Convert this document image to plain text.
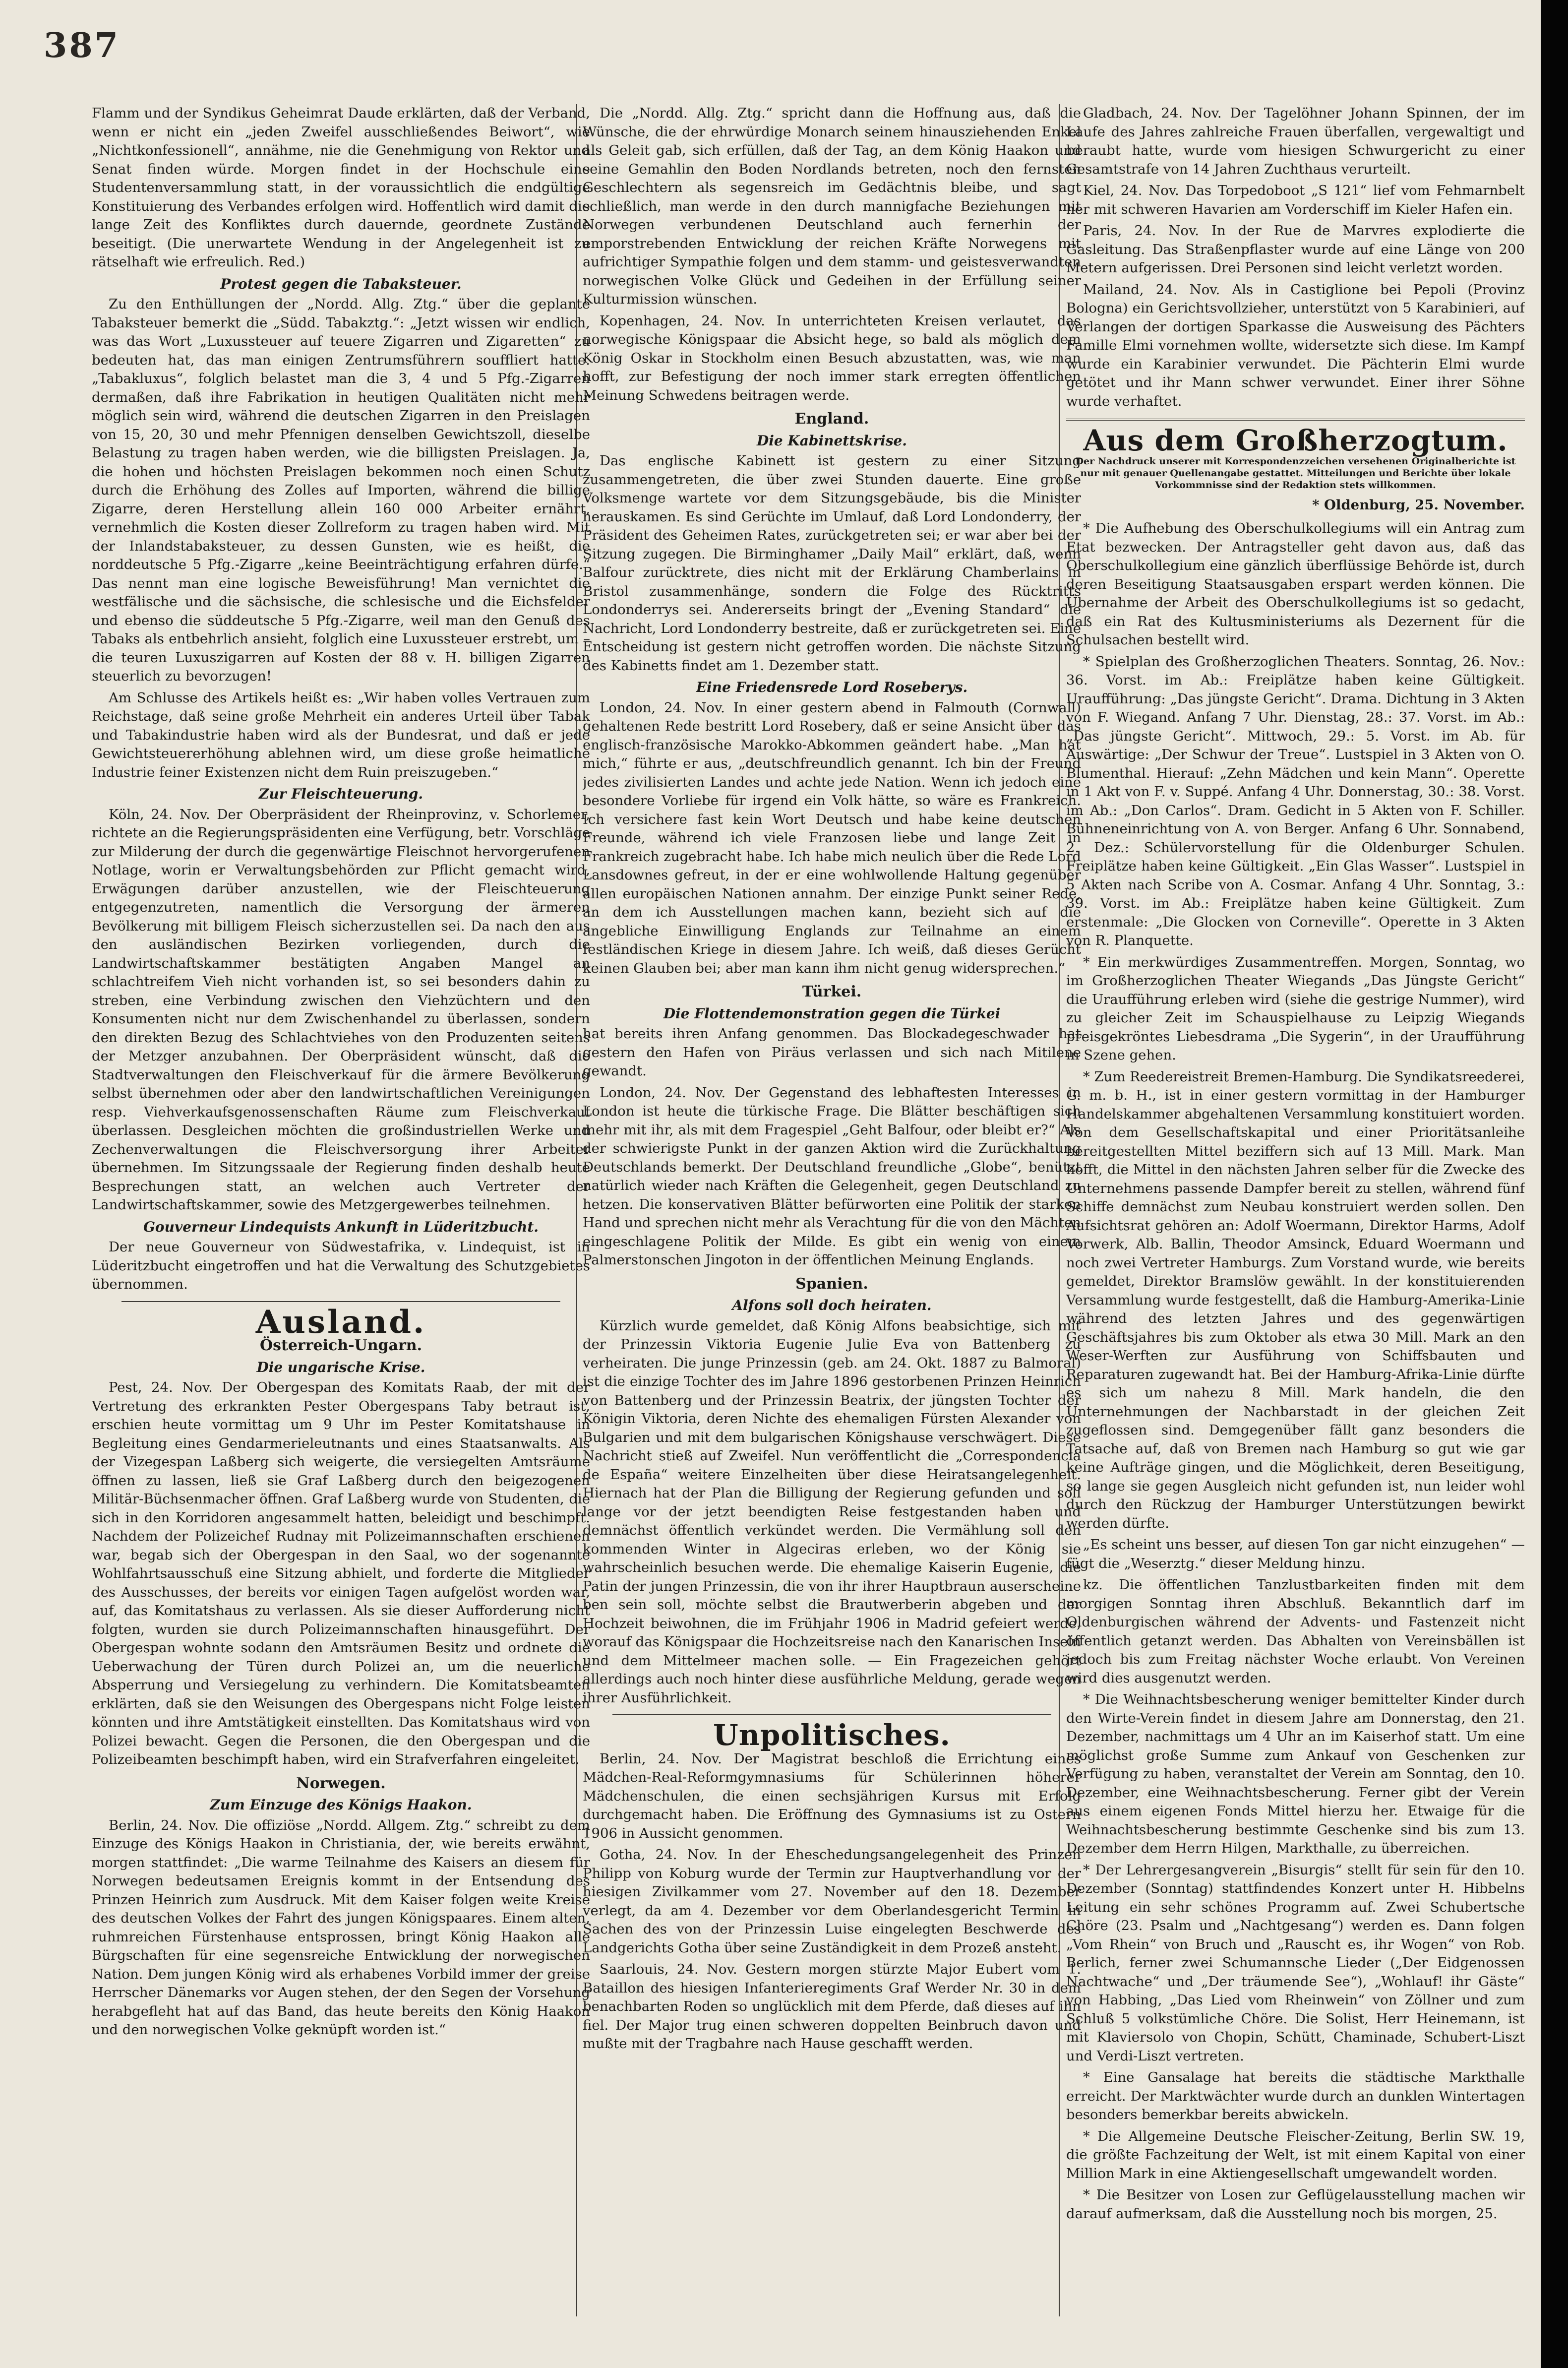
387

Flamm und der Syndikus Geheimrat Daude erklärten, daß der Verband, wenn er nicht ein „jeden Zweifel ausschließendes Beiwort“, wie „Nichtkonfessionell“, annähme, nie die Genehmigung von Rektor und Senat finden würde. Morgen findet in der Hochschule eine Studentenversammlung statt, in der voraussichtlich die endgültige Konstituierung des Verbandes erfolgen wird. Hoffentlich wird damit die lange Zeit des Konfliktes durch dauernde, geordnete Zustände beseitigt. (Die unerwartete Wendung in der Angelegenheit ist zu rätselhaft wie erfreulich. Red.)

Protest gegen die Tabaksteuer.

Zu den Enthüllungen der „Nordd. Allg. Ztg.“ über die geplante Tabaksteuer bemerkt die „Südd. Tabakztg.“: „Jetzt wissen wir endlich, was das Wort „Luxussteuer auf teuere Zigarren und Zigaretten“ zu bedeuten hat, das man einigen Zentrumsführern souffliert hatte. „Tabakluxus“, folglich belastet man die 3, 4 und 5 Pfg.-Zigarren dermaßen, daß ihre Fabrikation in heutigen Qualitäten nicht mehr möglich sein wird, während die deutschen Zigarren in den Preislagen von 15, 20, 30 und mehr Pfennigen denselben Gewichtszoll, dieselbe Belastung zu tragen haben werden, wie die billigsten Preislagen. Ja, die hohen und höchsten Preislagen bekommen noch einen Schutz durch die Erhöhung des Zolles auf Importen, während die billige Zigarre, deren Herstellung allein 160 000 Arbeiter ernährt, vernehmlich die Kosten dieser Zollreform zu tragen haben wird. Mit der Inlandstabaksteuer, zu dessen Gunsten, wie es heißt, die norddeutsche 5 Pfg.-Zigarre „keine Beeinträchtigung erfahren dürfe.“ Das nennt man eine logische Beweisführung! Man vernichtet die westfälische und die sächsische, die schlesische und die Eichsfelder und ebenso die süddeutsche 5 Pfg.-Zigarre, weil man den Genuß des Tabaks als entbehrlich ansieht, folglich eine Luxussteuer erstrebt, um – die teuren Luxuszigarren auf Kosten der 88 v. H. billigen Zigarren steuerlich zu bevorzugen!

Am Schlusse des Artikels heißt es: „Wir haben volles Vertrauen zum Reichstage, daß seine große Mehrheit ein anderes Urteil über Tabak und Tabakindustrie haben wird als der Bundesrat, und daß er jede Gewichtsteuererhöhung ablehnen wird, um diese große heimatliche Industrie feiner Existenzen nicht dem Ruin preiszugeben.“

Zur Fleischteuerung.

Köln, 24. Nov. Der Oberpräsident der Rheinprovinz, v. Schorlemer, richtete an die Regierungspräsidenten eine Verfügung, betr. Vorschläge zur Milderung der durch die gegenwärtige Fleischnot hervorgerufenen Notlage, worin er Verwaltungsbehörden zur Pflicht gemacht wird, Erwägungen darüber anzustellen, wie der Fleischteuerung entgegenzutreten, namentlich die Versorgung der ärmeren Bevölkerung mit billigem Fleisch sicherzustellen sei. Da nach den aus den ausländischen Bezirken vorliegenden, durch die Landwirtschaftskammer bestätigten Angaben Mangel an schlachtreifem Vieh nicht vorhanden ist, so sei besonders dahin zu streben, eine Verbindung zwischen den Viehzüchtern und den Konsumenten nicht nur dem Zwischenhandel zu überlassen, sondern den direkten Bezug des Schlachtviehes von den Produzenten seitens der Metzger anzubahnen. Der Oberpräsident wünscht, daß die Stadtverwaltungen den Fleischverkauf für die ärmere Bevölkerung selbst übernehmen oder aber den landwirtschaftlichen Vereinigungen resp. Viehverkaufsgenossenschaften Räume zum Fleischverkauf überlassen. Desgleichen möchten die großindustriellen Werke und Zechenverwaltungen die Fleischversorgung ihrer Arbeiter übernehmen. Im Sitzungssaale der Regierung finden deshalb heute Besprechungen statt, an welchen auch Vertreter der Landwirtschaftskammer, sowie des Metzgergewerbes teilnehmen.

Gouverneur Lindequists Ankunft in Lüderitzbucht.

Der neue Gouverneur von Südwestafrika, v. Lindequist, ist in Lüderitzbucht eingetroffen und hat die Verwaltung des Schutzgebietes übernommen.

Ausland.
Österreich-Ungarn.
Die ungarische Krise.

Pest, 24. Nov. Der Obergespan des Komitats Raab, der mit der Vertretung des erkrankten Pester Obergespans Taby betraut ist, erschien heute vormittag um 9 Uhr im Pester Komitatshause in Begleitung eines Gendarmerieleutnants und eines Staatsanwalts. Als der Vizegespan Laßberg sich weigerte, die versiegelten Amtsräume öffnen zu lassen, ließ sie Graf Laßberg durch den beigezogenen Militär-Büchsenmacher öffnen. Graf Laßberg wurde von Studenten, die sich in den Korridoren angesammelt hatten, beleidigt und beschimpft. Nachdem der Polizeichef Rudnay mit Polizeimannschaften erschienen war, begab sich der Obergespan in den Saal, wo der sogenannte Wohlfahrtsausschuß eine Sitzung abhielt, und forderte die Mitglieder des Ausschusses, der bereits vor einigen Tagen aufgelöst worden war, auf, das Komitatshaus zu verlassen. Als sie dieser Aufforderung nicht folgten, wurden sie durch Polizeimannschaften hinausgeführt. Der Obergespan wohnte sodann den Amtsräumen Besitz und ordnete die Ueberwachung der Türen durch Polizei an, um die neuerliche Absperrung und Versiegelung zu verhindern. Die Komitatsbeamten erklärten, daß sie den Weisungen des Obergespans nicht Folge leisten könnten und ihre Amtstätigkeit einstellten. Das Komitatshaus wird von Polizei bewacht. Gegen die Personen, die den Obergespan und die Polizeibeamten beschimpft haben, wird ein Strafverfahren eingeleitet.

Norwegen.
Zum Einzuge des Königs Haakon.

Berlin, 24. Nov. Die offiziöse „Nordd. Allgem. Ztg.“ schreibt zu dem Einzuge des Königs Haakon in Christiania, der, wie bereits erwähnt, morgen stattfindet: „Die warme Teilnahme des Kaisers an diesem für Norwegen bedeutsamen Ereignis kommt in der Entsendung des Prinzen Heinrich zum Ausdruck. Mit dem Kaiser folgen weite Kreise des deutschen Volkes der Fahrt des jungen Königspaares. Einem alten, ruhmreichen Fürstenhause entsprossen, bringt König Haakon alle Bürgschaften für eine segensreiche Entwicklung der norwegischen Nation. Dem jungen König wird als erhabenes Vorbild immer der greise Herrscher Dänemarks vor Augen stehen, der den Segen der Vorsehung herabgefleht hat auf das Band, das heute bereits den König Haakon und den norwegischen Volke geknüpft worden ist.“

Die „Nordd. Allg. Ztg.“ spricht dann die Hoffnung aus, daß die Wünsche, die der ehrwürdige Monarch seinem hinausziehenden Enkel als Geleit gab, sich erfüllen, daß der Tag, an dem König Haakon und seine Gemahlin den Boden Nordlands betreten, noch den fernsten Geschlechtern als segensreich im Gedächtnis bleibe, und sagt schließlich, man werde in den durch mannigfache Beziehungen mit Norwegen verbundenen Deutschland auch fernerhin der emporstrebenden Entwicklung der reichen Kräfte Norwegens mit aufrichtiger Sympathie folgen und dem stamm- und geistesverwandten norwegischen Volke Glück und Gedeihen in der Erfüllung seiner Kulturmission wünschen.

Kopenhagen, 24. Nov. In unterrichteten Kreisen verlautet, das norwegische Königspaar die Absicht hege, so bald als möglich dem König Oskar in Stockholm einen Besuch abzustatten, was, wie man hofft, zur Befestigung der noch immer stark erregten öffentlichen Meinung Schwedens beitragen werde.

England.
Die Kabinettskrise.

Das englische Kabinett ist gestern zu einer Sitzung zusammengetreten, die über zwei Stunden dauerte. Eine große Volksmenge wartete vor dem Sitzungsgebäude, bis die Minister herauskamen. Es sind Gerüchte im Umlauf, daß Lord Londonderry, der Präsident des Geheimen Rates, zurückgetreten sei; er war aber bei der Sitzung zugegen. Die Birminghamer „Daily Mail“ erklärt, daß, wenn Balfour zurücktrete, dies nicht mit der Erklärung Chamberlains in Bristol zusammenhänge, sondern die Folge des Rücktritts Londonderrys sei. Andererseits bringt der „Evening Standard“ die Nachricht, Lord Londonderry bestreite, daß er zurückgetreten sei. Eine Entscheidung ist gestern nicht getroffen worden. Die nächste Sitzung des Kabinetts findet am 1. Dezember statt.

Eine Friedensrede Lord Roseberys.

London, 24. Nov. In einer gestern abend in Falmouth (Cornwall) gehaltenen Rede bestritt Lord Rosebery, daß er seine Ansicht über das englisch-französische Marokko-Abkommen geändert habe. „Man hat mich,“ führte er aus, „deutschfreundlich genannt. Ich bin der Freund jedes zivilisierten Landes und achte jede Nation. Wenn ich jedoch eine besondere Vorliebe für irgend ein Volk hätte, so wäre es Frankreich. Ich versichere fast kein Wort Deutsch und habe keine deutschen Freunde, während ich viele Franzosen liebe und lange Zeit in Frankreich zugebracht habe. Ich habe mich neulich über die Rede Lord Lansdownes gefreut, in der er eine wohlwollende Haltung gegenüber allen europäischen Nationen annahm. Der einzige Punkt seiner Rede, an dem ich Ausstellungen machen kann, bezieht sich auf die angebliche Einwilligung Englands zur Teilnahme an einem festländischen Kriege in diesem Jahre. Ich weiß, daß dieses Gerücht keinen Glauben bei; aber man kann ihm nicht genug widersprechen.“

Türkei.
Die Flottendemonstration gegen die Türkei

hat bereits ihren Anfang genommen. Das Blockadegeschwader hat gestern den Hafen von Piräus verlassen und sich nach Mitilene gewandt.

London, 24. Nov. Der Gegenstand des lebhaftesten Interesses in London ist heute die türkische Frage. Die Blätter beschäftigen sich mehr mit ihr, als mit dem Fragespiel „Geht Balfour, oder bleibt er?“ Als der schwierigste Punkt in der ganzen Aktion wird die Zurückhaltung Deutschlands bemerkt. Der Deutschland freundliche „Globe“, benützt natürlich wieder nach Kräften die Gelegenheit, gegen Deutschland zu hetzen. Die konservativen Blätter befürworten eine Politik der starken Hand und sprechen nicht mehr als Verachtung für die von den Mächten eingeschlagene Politik der Milde. Es gibt ein wenig von einem Palmerstonschen Jingoton in der öffentlichen Meinung Englands.

Spanien.
Alfons soll doch heiraten.

Kürzlich wurde gemeldet, daß König Alfons beabsichtige, sich mit der Prinzessin Viktoria Eugenie Julie Eva von Battenberg zu verheiraten. Die junge Prinzessin (geb. am 24. Okt. 1887 zu Balmoral) ist die einzige Tochter des im Jahre 1896 gestorbenen Prinzen Heinrich von Battenberg und der Prinzessin Beatrix, der jüngsten Tochter der Königin Viktoria, deren Nichte des ehemaligen Fürsten Alexander von Bulgarien und mit dem bulgarischen Königshause verschwägert. Diese Nachricht stieß auf Zweifel. Nun veröffentlicht die „Correspondencia de España“ weitere Einzelheiten über diese Heiratsangelegenheit. Hiernach hat der Plan die Billigung der Regierung gefunden und soll lange vor der jetzt beendigten Reise festgestanden haben und demnächst öffentlich verkündet werden. Die Vermählung soll den kommenden Winter in Algeciras erleben, wo der König sie wahrscheinlich besuchen werde. Die ehemalige Kaiserin Eugenie, die Patin der jungen Prinzessin, die von ihr ihrer Hauptbraun auserscheine ben sein soll, möchte selbst die Brautwerberin abgeben und der Hochzeit beiwohnen, die im Frühjahr 1906 in Madrid gefeiert werde, worauf das Königspaar die Hochzeitsreise nach den Kanarischen Inseln und dem Mittelmeer machen solle. — Ein Fragezeichen gehört allerdings auch noch hinter diese ausführliche Meldung, gerade wegen ihrer Ausführlichkeit.

Unpolitisches.

Berlin, 24. Nov. Der Magistrat beschloß die Errichtung eines Mädchen-Real-Reformgymnasiums für Schülerinnen höherer Mädchenschulen, die einen sechsjährigen Kursus mit Erfolg durchgemacht haben. Die Eröffnung des Gymnasiums ist zu Ostern 1906 in Aussicht genommen.

Gotha, 24. Nov. In der Eheschedungsangelegenheit des Prinzen Philipp von Koburg wurde der Termin zur Hauptverhandlung vor der hiesigen Zivilkammer vom 27. November auf den 18. Dezember verlegt, da am 4. Dezember vor dem Oberlandesgericht Termin in Sachen des von der Prinzessin Luise eingelegten Beschwerde des Landgerichts Gotha über seine Zuständigkeit in dem Prozeß ansteht.

Saarlouis, 24. Nov. Gestern morgen stürzte Major Eubert vom 1. Bataillon des hiesigen Infanterieregiments Graf Werder Nr. 30 in dem benachbarten Roden so unglücklich mit dem Pferde, daß dieses auf ihn fiel. Der Major trug einen schweren doppelten Beinbruch davon und mußte mit der Tragbahre nach Hause geschafft werden.

Gladbach, 24. Nov. Der Tagelöhner Johann Spinnen, der im Laufe des Jahres zahlreiche Frauen überfallen, vergewaltigt und beraubt hatte, wurde vom hiesigen Schwurgericht zu einer Gesamtstrafe von 14 Jahren Zuchthaus verurteilt.

Kiel, 24. Nov. Das Torpedoboot „S 121“ lief vom Fehmarnbelt her mit schweren Havarien am Vorderschiff im Kieler Hafen ein.

Paris, 24. Nov. In der Rue de Marvres explodierte die Gasleitung. Das Straßenpflaster wurde auf eine Länge von 200 Metern aufgerissen. Drei Personen sind leicht verletzt worden.

Mailand, 24. Nov. Als in Castiglione bei Pepoli (Provinz Bologna) ein Gerichtsvollzieher, unterstützt von 5 Karabinieri, auf Verlangen der dortigen Sparkasse die Ausweisung des Pächters Famille Elmi vornehmen wollte, widersetzte sich diese. Im Kampf wurde ein Karabinier verwundet. Die Pächterin Elmi wurde getötet und ihr Mann schwer verwundet. Einer ihrer Söhne wurde verhaftet.

Aus dem Großherzogtum.
Der Nachdruck unserer mit Korrespondenzzeichen versehenen Originalberichte ist nur mit genauer Quellenangabe gestattet. Mitteilungen und Berichte über lokale Vorkommnisse sind der Redaktion stets willkommen.
* Oldenburg, 25. November.

* Die Aufhebung des Oberschulkollegiums will ein Antrag zum Etat bezwecken. Der Antragsteller geht davon aus, daß das Oberschulkollegium eine gänzlich überflüssige Behörde ist, durch deren Beseitigung Staatsausgaben erspart werden können. Die Übernahme der Arbeit des Oberschulkollegiums ist so gedacht, daß ein Rat des Kultusministeriums als Dezernent für die Schulsachen bestellt wird.

* Spielplan des Großherzoglichen Theaters. Sonntag, 26. Nov.: 36. Vorst. im Ab.: Freiplätze haben keine Gültigkeit. Uraufführung: „Das jüngste Gericht“. Drama. Dichtung in 3 Akten von F. Wiegand. Anfang 7 Uhr. Dienstag, 28.: 37. Vorst. im Ab.: „Das jüngste Gericht“. Mittwoch, 29.: 5. Vorst. im Ab. für Auswärtige: „Der Schwur der Treue“. Lustspiel in 3 Akten von O. Blumenthal. Hierauf: „Zehn Mädchen und kein Mann“. Operette in 1 Akt von F. v. Suppé. Anfang 4 Uhr. Donnerstag, 30.: 38. Vorst. im Ab.: „Don Carlos“. Dram. Gedicht in 5 Akten von F. Schiller. Bühneneinrichtung von A. von Berger. Anfang 6 Uhr. Sonnabend, 2. Dez.: Schülervorstellung für die Oldenburger Schulen. Freiplätze haben keine Gültigkeit. „Ein Glas Wasser“. Lustspiel in 5 Akten nach Scribe von A. Cosmar. Anfang 4 Uhr. Sonntag, 3.: 39. Vorst. im Ab.: Freiplätze haben keine Gültigkeit. Zum erstenmale: „Die Glocken von Corneville“. Operette in 3 Akten von R. Planquette.

* Ein merkwürdiges Zusammentreffen. Morgen, Sonntag, wo im Großherzoglichen Theater Wiegands „Das Jüngste Gericht“ die Uraufführung erleben wird (siehe die gestrige Nummer), wird zu gleicher Zeit im Schauspielhause zu Leipzig Wiegands preisgekröntes Liebesdrama „Die Sygerin“, in der Uraufführung in Szene gehen.

* Zum Reedereistreit Bremen-Hamburg. Die Syndikatsreederei, G. m. b. H., ist in einer gestern vormittag in der Hamburger Handelskammer abgehaltenen Versammlung konstituiert worden. Von dem Gesellschaftskapital und einer Prioritätsanleihe bereitgestellten Mittel beziffern sich auf 13 Mill. Mark. Man hofft, die Mittel in den nächsten Jahren selber für die Zwecke des Unternehmens passende Dampfer bereit zu stellen, während fünf Schiffe demnächst zum Neubau konstruiert werden sollen. Den Aufsichtsrat gehören an: Adolf Woermann, Direktor Harms, Adolf Vorwerk, Alb. Ballin, Theodor Amsinck, Eduard Woermann und noch zwei Vertreter Hamburgs. Zum Vorstand wurde, wie bereits gemeldet, Direktor Bramslöw gewählt. In der konstituierenden Versammlung wurde festgestellt, daß die Hamburg-Amerika-Linie während des letzten Jahres und des gegenwärtigen Geschäftsjahres bis zum Oktober als etwa 30 Mill. Mark an den Weser-Werften zur Ausführung von Schiffsbauten und Reparaturen zugewandt hat. Bei der Hamburg-Afrika-Linie dürfte es sich um nahezu 8 Mill. Mark handeln, die den Unternehmungen der Nachbarstadt in der gleichen Zeit zugeflossen sind. Demgegenüber fällt ganz besonders die Tatsache auf, daß von Bremen nach Hamburg so gut wie gar keine Aufträge gingen, und die Möglichkeit, deren Beseitigung, so lange sie gegen Ausgleich nicht gefunden ist, nun leider wohl durch den Rückzug der Hamburger Unterstützungen bewirkt werden dürfte.

„Es scheint uns besser, auf diesen Ton gar nicht einzugehen“ — fügt die „Weserztg.“ dieser Meldung hinzu.

kz. Die öffentlichen Tanzlustbarkeiten finden mit dem morgigen Sonntag ihren Abschluß. Bekanntlich darf im Oldenburgischen während der Advents- und Fastenzeit nicht öffentlich getanzt werden. Das Abhalten von Vereinsbällen ist jedoch bis zum Freitag nächster Woche erlaubt. Von Vereinen wird dies ausgenutzt werden.

* Die Weihnachtsbescherung weniger bemittelter Kinder durch den Wirte-Verein findet in diesem Jahre am Donnerstag, den 21. Dezember, nachmittags um 4 Uhr an im Kaiserhof statt. Um eine möglichst große Summe zum Ankauf von Geschenken zur Verfügung zu haben, veranstaltet der Verein am Sonntag, den 10. Dezember, eine Weihnachtsbescherung. Ferner gibt der Verein aus einem eigenen Fonds Mittel hierzu her. Etwaige für die Weihnachtsbescherung bestimmte Geschenke sind bis zum 13. Dezember dem Herrn Hilgen, Markthalle, zu überreichen.

* Der Lehrergesangverein „Bisurgis“ stellt für sein für den 10. Dezember (Sonntag) stattfindendes Konzert unter H. Hibbelns Leitung ein sehr schönes Programm auf. Zwei Schubertsche Chöre (23. Psalm und „Nachtgesang“) werden es. Dann folgen „Vom Rhein“ von Bruch und „Rauscht es, ihr Wogen“ von Rob. Berlich, ferner zwei Schumannsche Lieder („Der Eidgenossen Nachtwache“ und „Der träumende See“), „Wohlauf! ihr Gäste“ von Habbing, „Das Lied vom Rheinwein“ von Zöllner und zum Schluß 5 volkstümliche Chöre. Die Solist, Herr Heinemann, ist mit Klaviersolo von Chopin, Schütt, Chaminade, Schubert-Liszt und Verdi-Liszt vertreten.

* Eine Gansalage hat bereits die städtische Markthalle erreicht. Der Marktwächter wurde durch an dunklen Wintertagen besonders bemerkbar bereits abwickeln.

* Die Allgemeine Deutsche Fleischer-Zeitung, Berlin SW. 19, die größte Fachzeitung der Welt, ist mit einem Kapital von einer Million Mark in eine Aktiengesellschaft umgewandelt worden.

* Die Besitzer von Losen zur Geflügelausstellung machen wir darauf aufmerksam, daß die Ausstellung noch bis morgen, 25.
